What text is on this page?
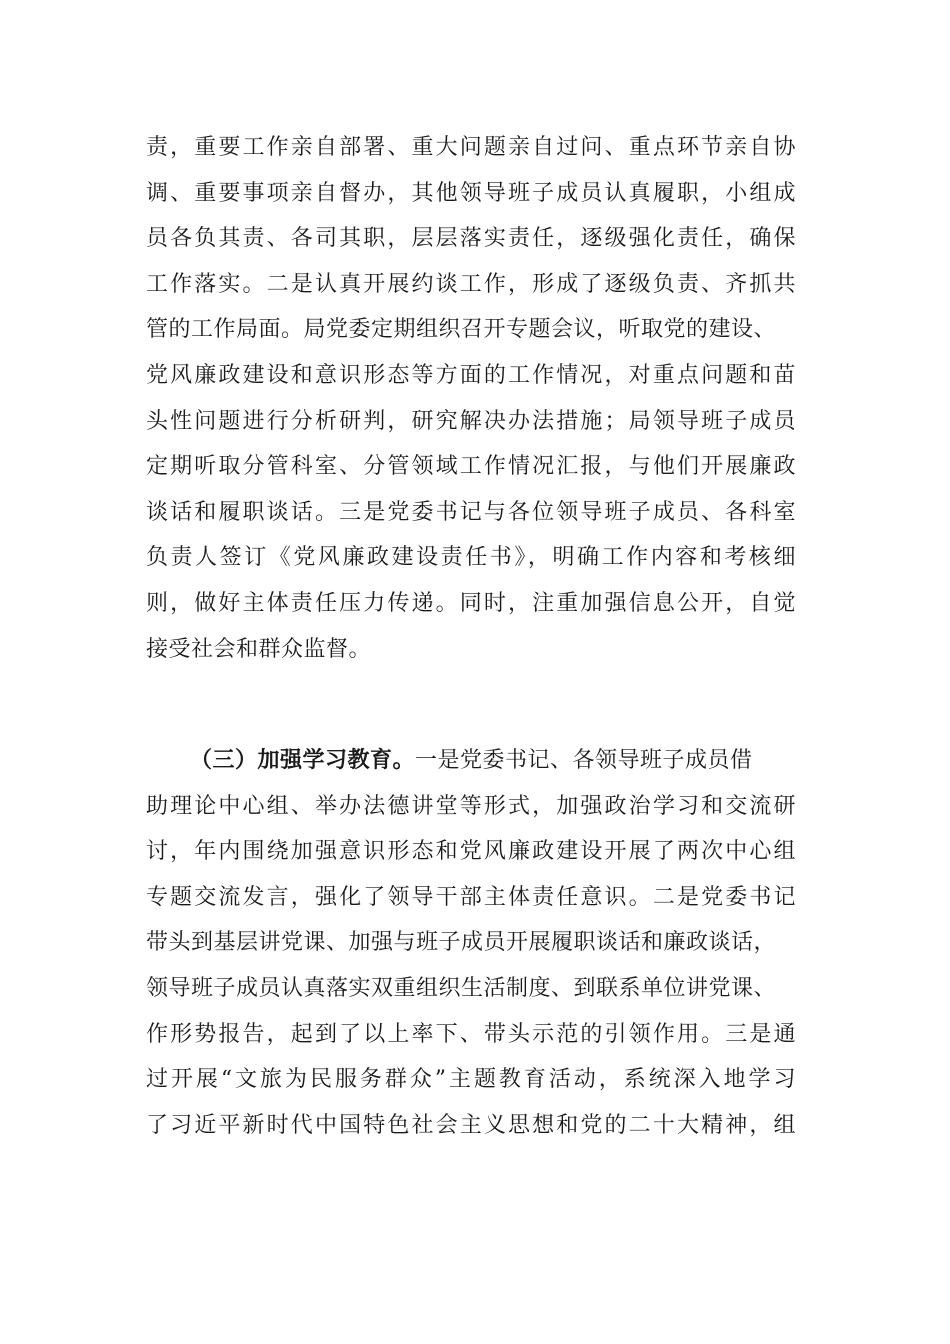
责，重要工作亲自部署、重大问题亲自过问、重点环节亲自协
调、重要事项亲自督办，其他领导班子成员认真履职，小组成
员各负其责、各司其职，层层落实责任，逐级强化责任，确保
工作落实。二是认真开展约谈工作，形成了逐级负责、齐抓共
管的工作局面。局党委定期组织召开专题会议，听取党的建设、
党风廉政建设和意识形态等方面的工作情况，对重点问题和苗
头性问题进行分析研判，研究解决办法措施；局领导班子成员
定期听取分管科室、分管领域工作情况汇报，与他们开展廉政
谈话和履职谈话。三是党委书记与各位领导班子成员、各科室
负责人签订《党风廉政建设责任书》，明确工作内容和考核细
则，做好主体责任压力传递。同时，注重加强信息公开，自觉
接受社会和群众监督。
（三）加强学习教育。一是党委书记、各领导班子成员借
助理论中心组、举办法德讲堂等形式，加强政治学习和交流研
讨，年内围绕加强意识形态和党风廉政建设开展了两次中心组
专题交流发言，强化了领导干部主体责任意识。二是党委书记
带头到基层讲党课、加强与班子成员开展履职谈话和廉政谈话，
领导班子成员认真落实双重组织生活制度、到联系单位讲党课、
作形势报告，起到了以上率下、带头示范的引领作用。三是通
过开展“文旅为民服务群众”主题教育活动，系统深入地学习
了习近平新时代中国特色社会主义思想和党的二十大精神，组
